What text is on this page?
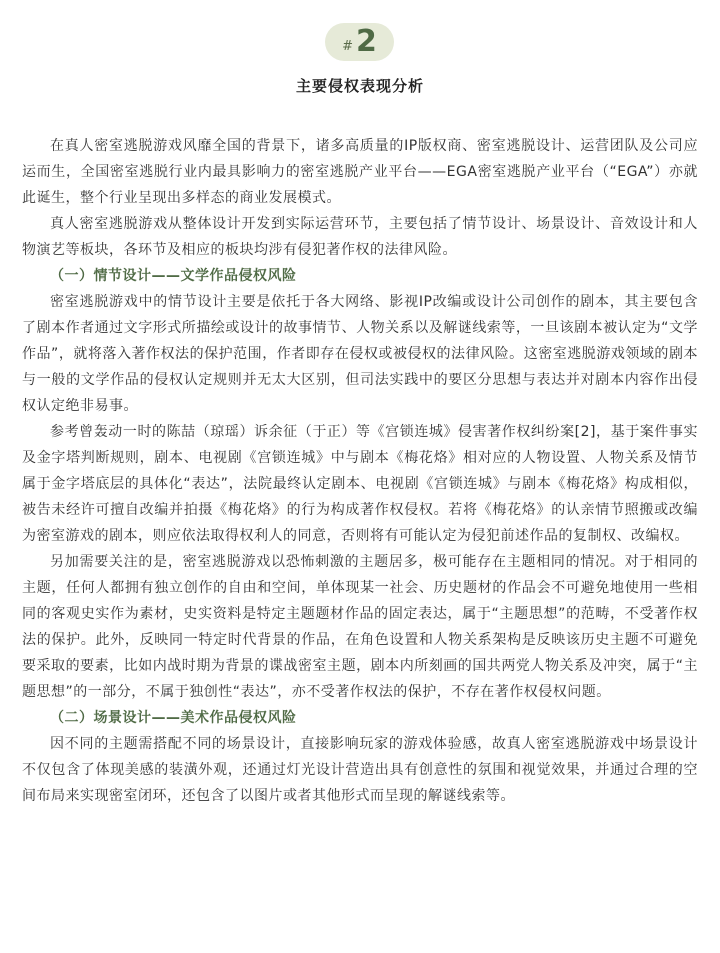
# 2
主要侵权表现分析

在真人密室逃脱游戏风靡全国的背景下，诸多高质量的IP版权商、密室逃脱设计、运营团队及公司应运而生，全国密室逃脱行业内最具影响力的密室逃脱产业平台——EGA密室逃脱产业平台（“EGA”）亦就此诞生，整个行业呈现出多样态的商业发展模式。

真人密室逃脱游戏从整体设计开发到实际运营环节，主要包括了情节设计、场景设计、音效设计和人物演艺等板块，各环节及相应的板块均涉有侵犯著作权的法律风险。

（一）情节设计——文学作品侵权风险

密室逃脱游戏中的情节设计主要是依托于各大网络、影视IP改编或设计公司创作的剧本，其主要包含了剧本作者通过文字形式所描绘或设计的故事情节、人物关系以及解谜线索等，一旦该剧本被认定为“文学作品”，就将落入著作权法的保护范围，作者即存在侵权或被侵权的法律风险。这密室逃脱游戏领域的剧本与一般的文学作品的侵权认定规则并无太大区别，但司法实践中的要区分思想与表达并对剧本内容作出侵权认定绝非易事。

参考曾轰动一时的陈喆（琼瑶）诉余征（于正）等《宫锁连城》侵害著作权纠纷案[2]，基于案件事实及金字塔判断规则，剧本、电视剧《宫锁连城》中与剧本《梅花烙》相对应的人物设置、人物关系及情节属于金字塔底层的具体化“表达”，法院最终认定剧本、电视剧《宫锁连城》与剧本《梅花烙》构成相似，被告未经许可擅自改编并拍摄《梅花烙》的行为构成著作权侵权。若将《梅花烙》的认亲情节照搬或改编为密室游戏的剧本，则应依法取得权利人的同意，否则将有可能认定为侵犯前述作品的复制权、改编权。

另加需要关注的是，密室逃脱游戏以恐怖刺激的主题居多，极可能存在主题相同的情况。对于相同的主题，任何人都拥有独立创作的自由和空间，单体现某一社会、历史题材的作品会不可避免地使用一些相同的客观史实作为素材，史实资料是特定主题题材作品的固定表达，属于“主题思想”的范畴，不受著作权法的保护。此外，反映同一特定时代背景的作品，在角色设置和人物关系架构是反映该历史主题不可避免要采取的要素，比如内战时期为背景的谍战密室主题，剧本内所刻画的国共两党人物关系及冲突，属于“主题思想”的一部分，不属于独创性“表达”，亦不受著作权法的保护，不存在著作权侵权问题。

（二）场景设计——美术作品侵权风险

因不同的主题需搭配不同的场景设计，直接影响玩家的游戏体验感，故真人密室逃脱游戏中场景设计不仅包含了体现美感的装潢外观，还通过灯光设计营造出具有创意性的氛围和视觉效果，并通过合理的空间布局来实现密室闭环，还包含了以图片或者其他形式而呈现的解谜线索等。
